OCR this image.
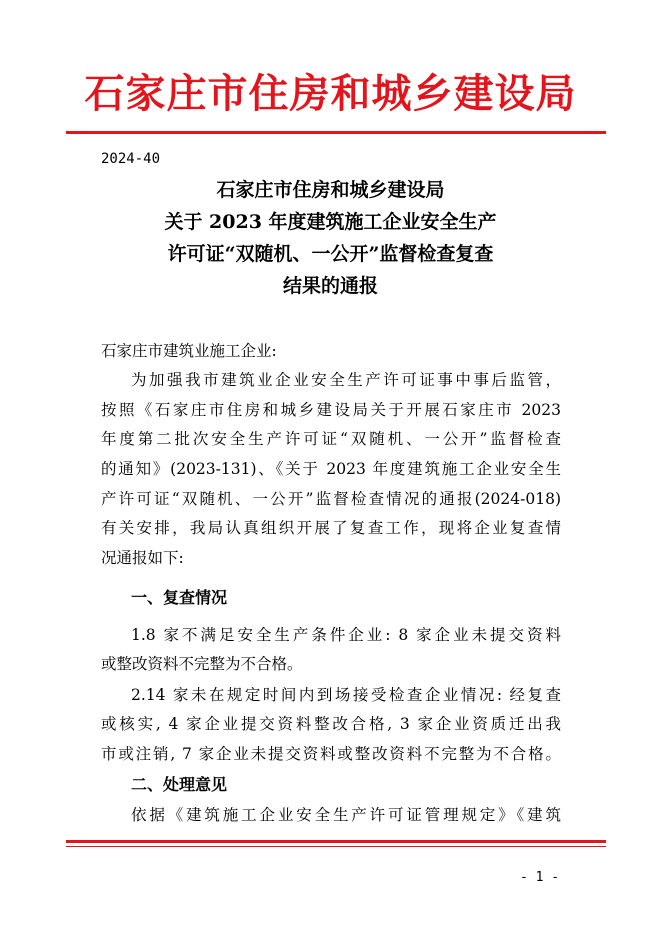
石家庄市住房和城乡建设局
2024-40
石家庄市住房和城乡建设局
关于 2023 年度建筑施工企业安全生产
许可证“双随机、一公开”监督检查复查
结果的通报
石家庄市建筑业施工企业:
为加强我市建筑业企业安全生产许可证事中事后监管，
按照《石家庄市住房和城乡建设局关于开展石家庄市 2023
年度第二批次安全生产许可证“双随机、一公开”监督检查
的通知》(2023-131)、《关于 2023 年度建筑施工企业安全生
产许可证“双随机、一公开”监督检查情况的通报(2024-018)
有关安排，我局认真组织开展了复查工作，现将企业复查情
况通报如下:
一、复查情况
1.8 家不满足安全生产条件企业: 8 家企业未提交资料
或整改资料不完整为不合格。
2.14 家未在规定时间内到场接受检查企业情况: 经复查
或核实, 4 家企业提交资料整改合格, 3 家企业资质迁出我
市或注销, 7 家企业未提交资料或整改资料不完整为不合格。
二、处理意见
依据《建筑施工企业安全生产许可证管理规定》《建筑
- 1 -
